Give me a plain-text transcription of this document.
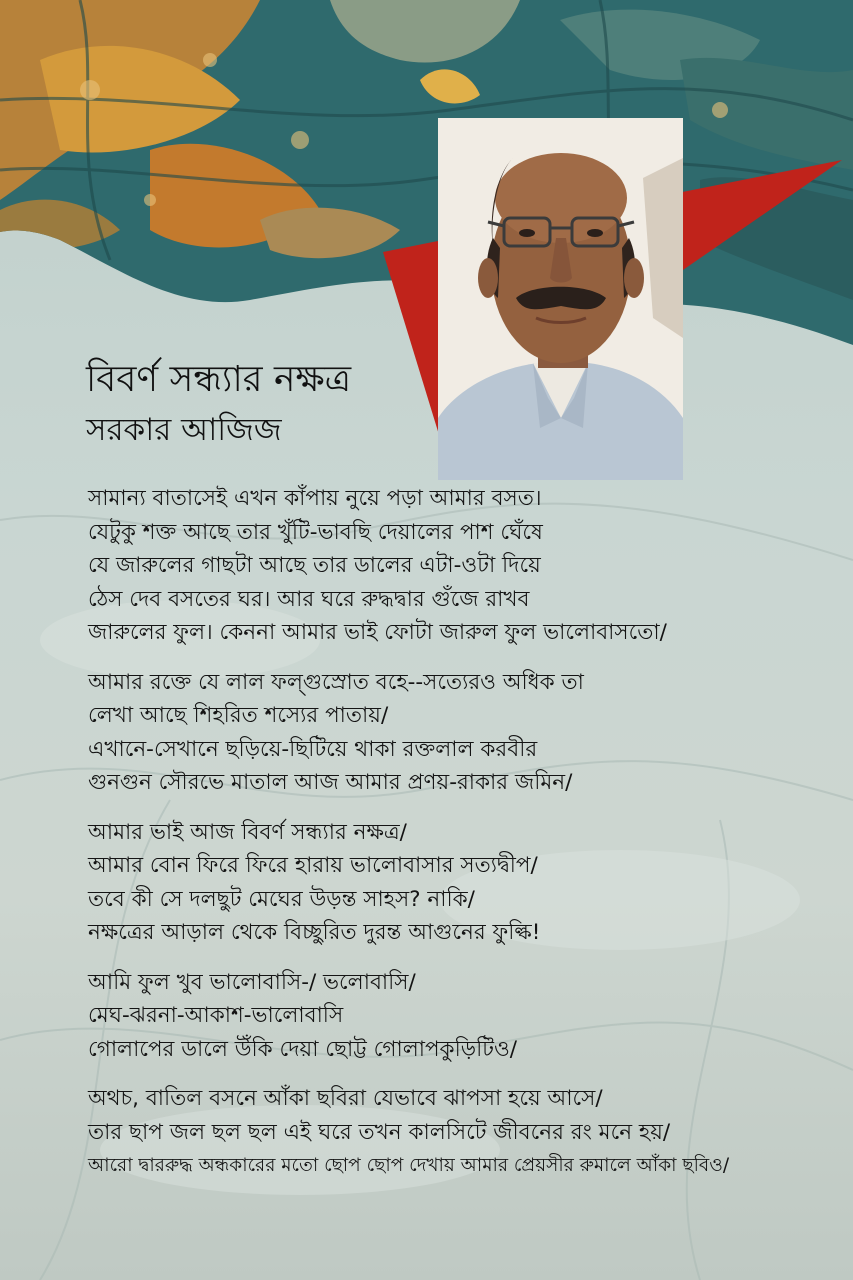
বিবর্ণ সন্ধ্যার নক্ষত্র
সরকার আজিজ
সামান্য বাতাসেই এখন কাঁপায় নুয়ে পড়া আমার বসত।
যেটুকু শক্ত আছে তার খুঁটি-ভাবছি দেয়ালের পাশ ঘেঁষে
যে জারুলের গাছটা আছে তার ডালের এটা-ওটা দিয়ে
ঠেস দেব বসতের ঘর। আর ঘরে রুদ্ধদ্বার গুঁজে রাখব
জারুলের ফুল। কেননা আমার ভাই ফোটা জারুল ফুল ভালোবাসতো/
আমার রক্তে যে লাল ফল্গুস্রোত বহে--সত্যেরও অধিক তা
লেখা আছে শিহরিত শস্যের পাতায়/
এখানে-সেখানে ছড়িয়ে-ছিটিয়ে থাকা রক্তলাল করবীর
গুনগুন সৌরভে মাতাল আজ আমার প্রণয়-রাকার জমিন/
আমার ভাই আজ বিবর্ণ সন্ধ্যার নক্ষত্র/
আমার বোন ফিরে ফিরে হারায় ভালোবাসার সত্যদ্বীপ/
তবে কী সে দলছুট মেঘের উড়ন্ত সাহস? নাকি/
নক্ষত্রের আড়াল থেকে বিচ্ছুরিত দুরন্ত আগুনের ফুল্কি!
আমি ফুল খুব ভালোবাসি-/ ভলোবাসি/
মেঘ-ঝরনা-আকাশ-ভালোবাসি
গোলাপের ডালে উঁকি দেয়া ছোট্ট গোলাপকুড়িটিও/
অথচ, বাতিল বসনে আঁকা ছবিরা যেভাবে ঝাপসা হয়ে আসে/
তার ছাপ জল ছল ছল এই ঘরে তখন কালসিটে জীবনের রং মনে হয়/
আরো দ্বাররুদ্ধ অন্ধকারের মতো ছোপ ছোপ দেখায় আমার প্রেয়সীর রুমালে আঁকা ছবিও/
